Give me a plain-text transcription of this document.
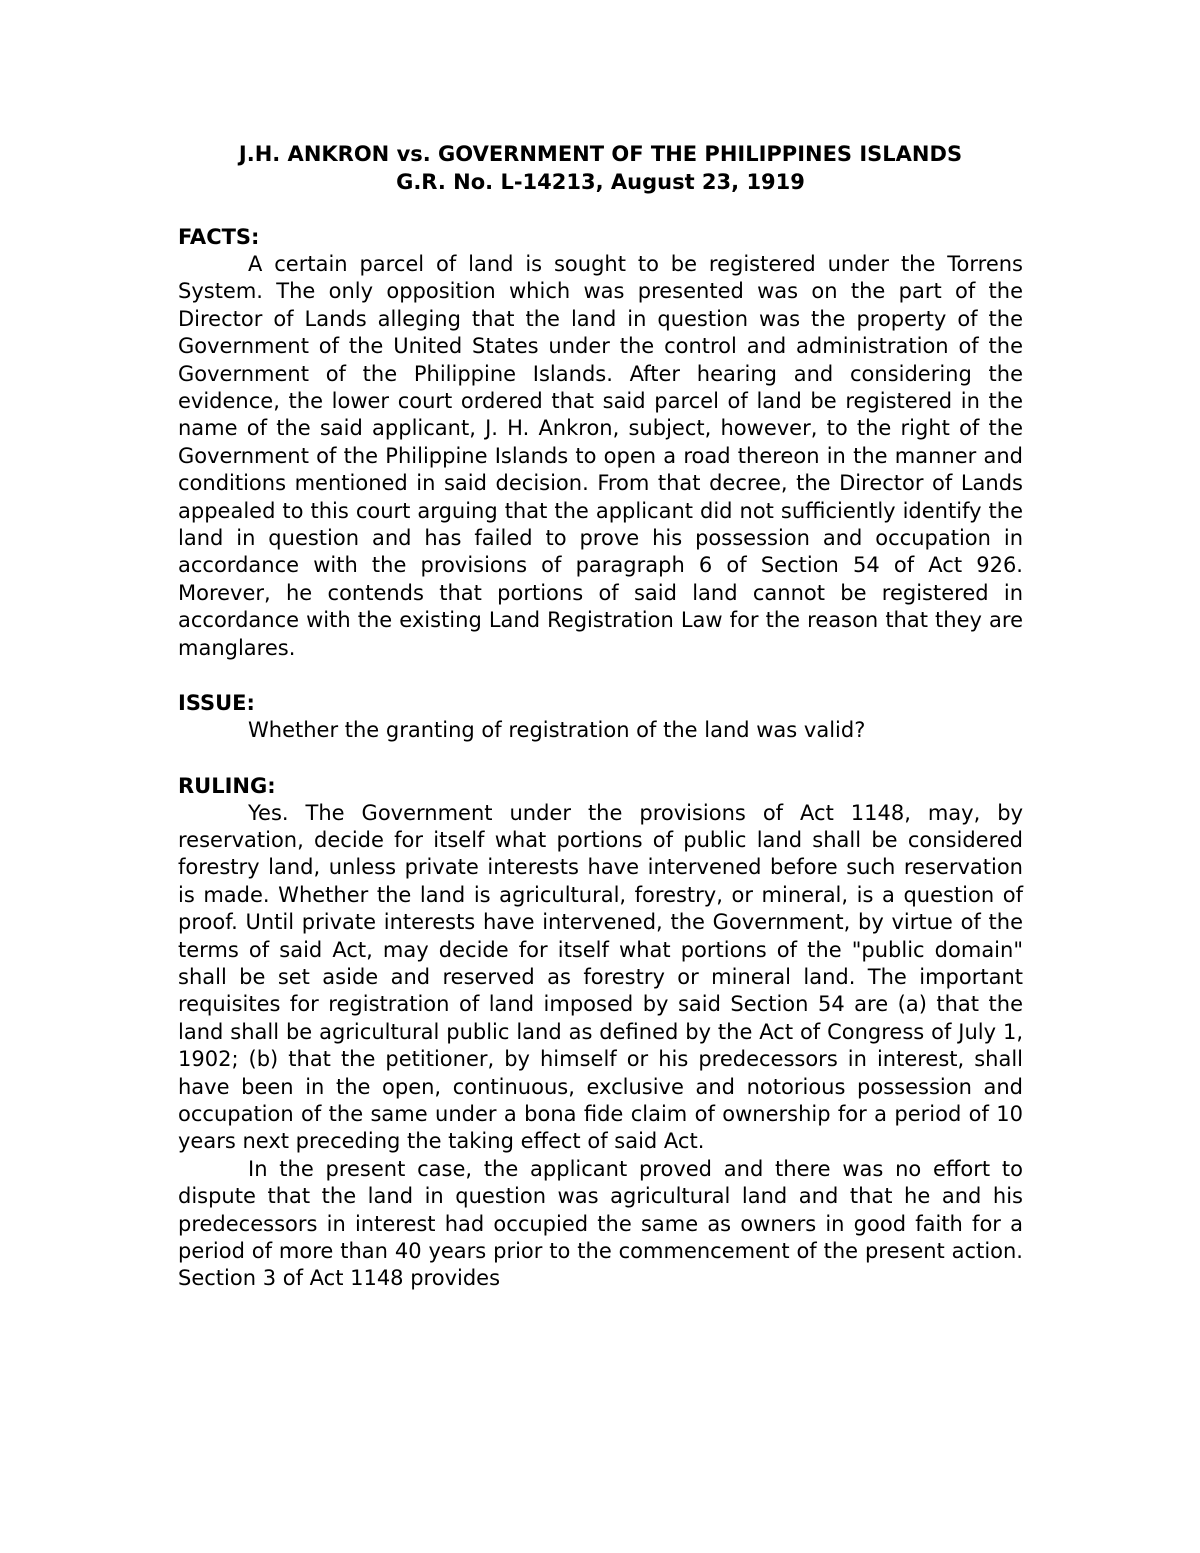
J.H. ANKRON vs. GOVERNMENT OF THE PHILIPPINES ISLANDS

G.R. No. L-14213, August 23, 1919

FACTS:

A certain parcel of land is sought to be registered under the Torrens System. The only opposition which was presented was on the part of the Director of Lands alleging that the land in question was the property of the Government of the United States under the control and administration of the Government of the Philippine Islands. After hearing and considering the evidence, the lower court ordered that said parcel of land be registered in the name of the said applicant, J. H. Ankron, subject, however, to the right of the Government of the Philippine Islands to open a road thereon in the manner and conditions mentioned in said decision. From that decree, the Director of Lands appealed to this court arguing that the applicant did not sufficiently identify the land in question and has failed to prove his possession and occupation in accordance with the provisions of paragraph 6 of Section 54 of Act 926. Morever, he contends that portions of said land cannot be registered in accordance with the existing Land Registration Law for the reason that they are manglares.

ISSUE:

Whether the granting of registration of the land was valid?

RULING:

Yes. The Government under the provisions of Act 1148, may, by reservation, decide for itself what portions of public land shall be considered forestry land, unless private interests have intervened before such reservation is made. Whether the land is agricultural, forestry, or mineral, is a question of proof. Until private interests have intervened, the Government, by virtue of the terms of said Act, may decide for itself what portions of the "public domain" shall be set aside and reserved as forestry or mineral land. The important requisites for registration of land imposed by said Section 54 are (a) that the land shall be agricultural public land as defined by the Act of Congress of July 1, 1902; (b) that the petitioner, by himself or his predecessors in interest, shall have been in the open, continuous, exclusive and notorious possession and occupation of the same under a bona fide claim of ownership for a period of 10 years next preceding the taking effect of said Act.

In the present case, the applicant proved and there was no effort to dispute that the land in question was agricultural land and that he and his predecessors in interest had occupied the same as owners in good faith for a period of more than 40 years prior to the commencement of the present action. Section 3 of Act 1148 provides
